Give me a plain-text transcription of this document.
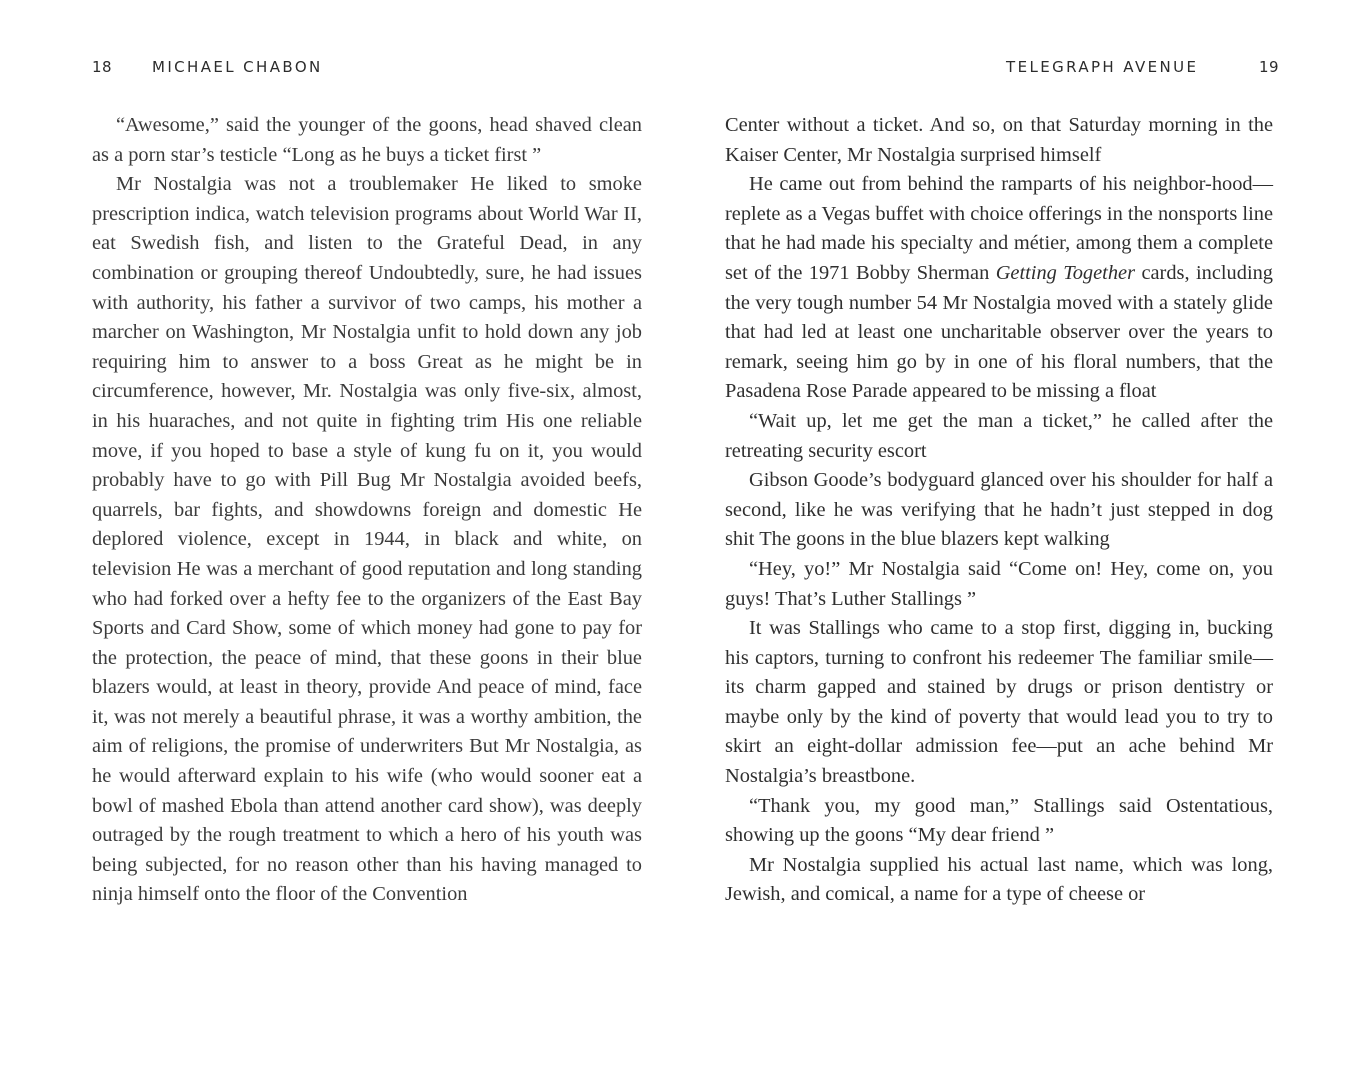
18	MICHAEL CHABON

“Awesome,” said the younger of the goons, head shaved clean as a porn star’s testicle “Long as he buys a ticket first ”

Mr Nostalgia was not a troublemaker He liked to smoke prescription indica, watch television programs about World War II, eat Swedish fish, and listen to the Grateful Dead, in any combination or grouping thereof Undoubtedly, sure, he had issues with authority, his father a survivor of two camps, his mother a marcher on Washington, Mr Nostalgia unfit to hold down any job requiring him to answer to a boss Great as he might be in circumference, however, Mr. Nostalgia was only five-six, almost, in his huaraches, and not quite in fighting trim His one reliable move, if you hoped to base a style of kung fu on it, you would probably have to go with Pill Bug Mr Nostalgia avoided beefs, quarrels, bar fights, and showdowns foreign and domestic He deplored violence, except in 1944, in black and white, on television He was a merchant of good reputation and long standing who had forked over a hefty fee to the organizers of the East Bay Sports and Card Show, some of which money had gone to pay for the protection, the peace of mind, that these goons in their blue blazers would, at least in theory, provide And peace of mind, face it, was not merely a beautiful phrase, it was a worthy ambition, the aim of religions, the promise of underwriters But Mr Nostalgia, as he would afterward explain to his wife (who would sooner eat a bowl of mashed Ebola than attend another card show), was deeply outraged by the rough treatment to which a hero of his youth was being subjected, for no reason other than his having managed to ninja himself onto the floor of the Convention

TELEGRAPH AVENUE	19

Center without a ticket. And so, on that Saturday morning in the Kaiser Center, Mr Nostalgia surprised himself

He came out from behind the ramparts of his neighbor-hood—replete as a Vegas buffet with choice offerings in the nonsports line that he had made his specialty and métier, among them a complete set of the 1971 Bobby Sherman Getting Together cards, including the very tough number 54 Mr Nostalgia moved with a stately glide that had led at least one uncharitable observer over the years to remark, seeing him go by in one of his floral numbers, that the Pasadena Rose Parade appeared to be missing a float

“Wait up, let me get the man a ticket,” he called after the retreating security escort

Gibson Goode’s bodyguard glanced over his shoulder for half a second, like he was verifying that he hadn’t just stepped in dog shit The goons in the blue blazers kept walking

“Hey, yo!” Mr Nostalgia said “Come on! Hey, come on, you guys! That’s Luther Stallings ”

It was Stallings who came to a stop first, digging in, bucking his captors, turning to confront his redeemer The familiar smile—its charm gapped and stained by drugs or prison dentistry or maybe only by the kind of poverty that would lead you to try to skirt an eight-dollar admission fee—put an ache behind Mr Nostalgia’s breastbone.

“Thank you, my good man,” Stallings said Ostentatious, showing up the goons “My dear friend ”

Mr Nostalgia supplied his actual last name, which was long, Jewish, and comical, a name for a type of cheese or
